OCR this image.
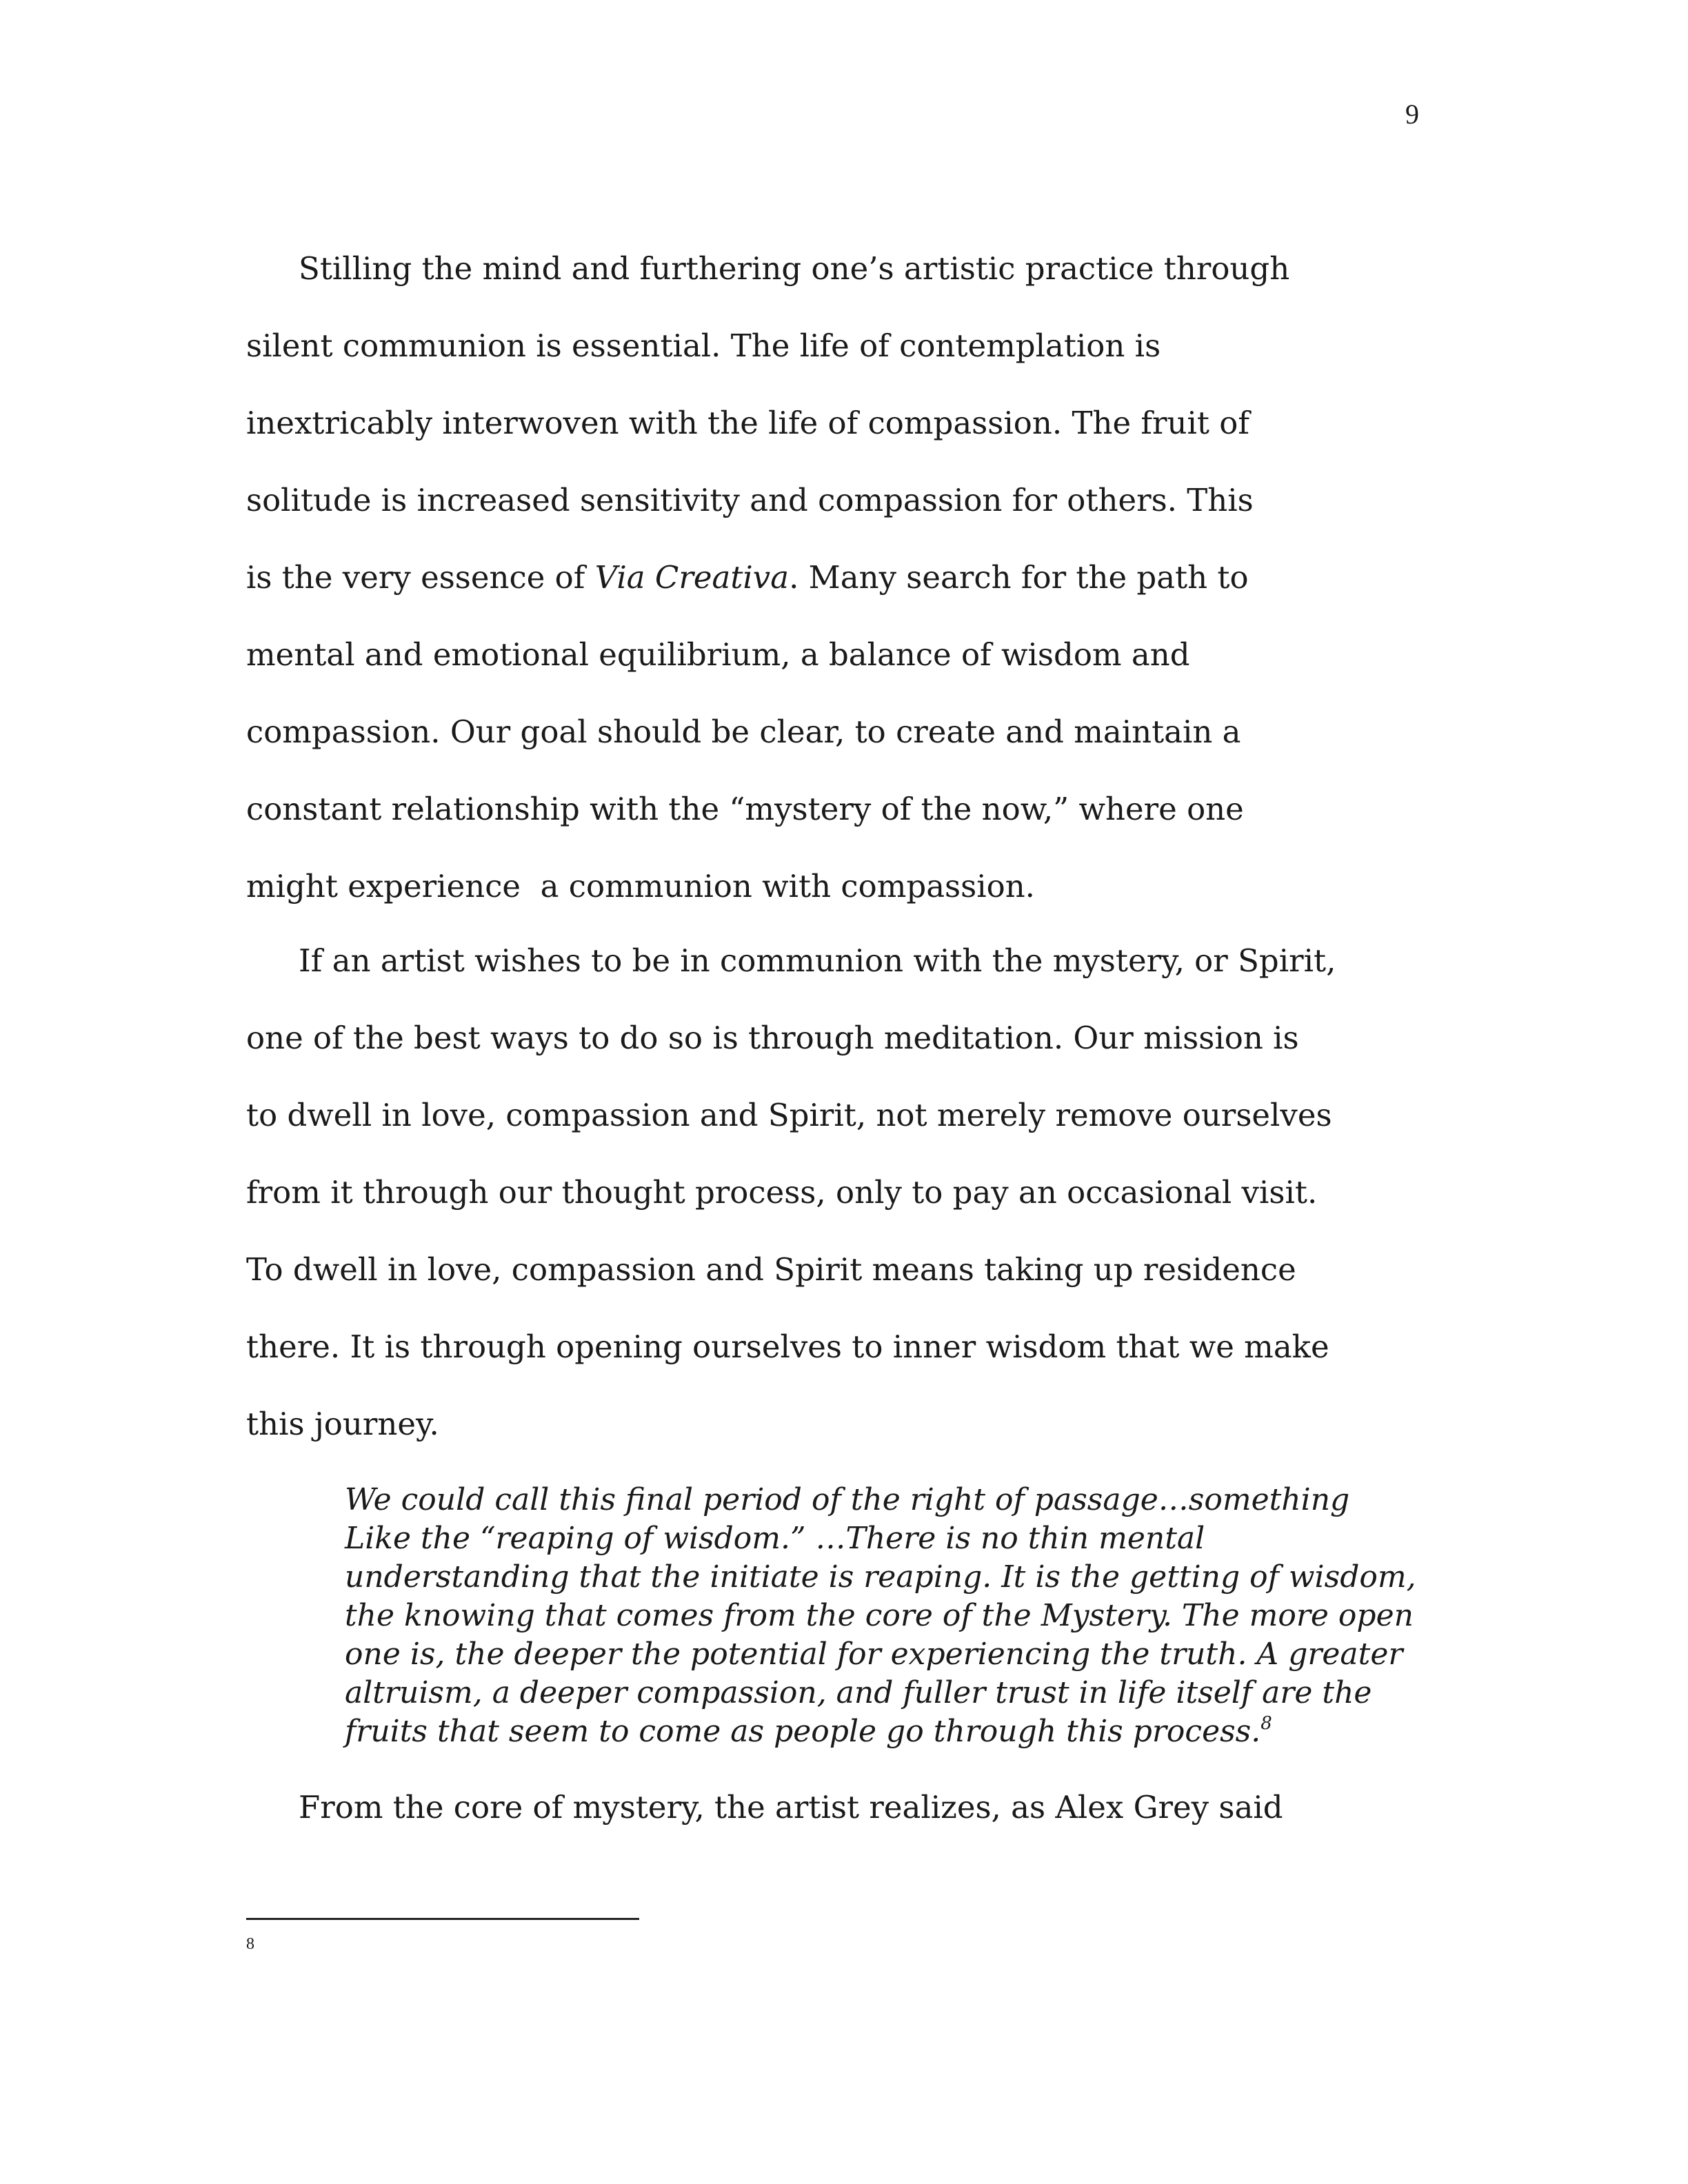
9

Stilling the mind and furthering one’s artistic practice through
silent communion is essential. The life of contemplation is
inextricably interwoven with the life of compassion. The fruit of
solitude is increased sensitivity and compassion for others. This
is the very essence of Via Creativa. Many search for the path to
mental and emotional equilibrium, a balance of wisdom and
compassion. Our goal should be clear, to create and maintain a
constant relationship with the “mystery of the now,” where one
might experience  a communion with compassion.

If an artist wishes to be in communion with the mystery, or Spirit,
one of the best ways to do so is through meditation. Our mission is
to dwell in love, compassion and Spirit, not merely remove ourselves
from it through our thought process, only to pay an occasional visit.
To dwell in love, compassion and Spirit means taking up residence
there. It is through opening ourselves to inner wisdom that we make
this journey.

We could call this final period of the right of passage…something
Like the “reaping of wisdom.” …There is no thin mental
understanding that the initiate is reaping. It is the getting of wisdom,
the knowing that comes from the core of the Mystery. The more open
one is, the deeper the potential for experiencing the truth. A greater
altruism, a deeper compassion, and fuller trust in life itself are the
fruits that seem to come as people go through this process.$^8$

From the core of mystery, the artist realizes, as Alex Grey said

8
